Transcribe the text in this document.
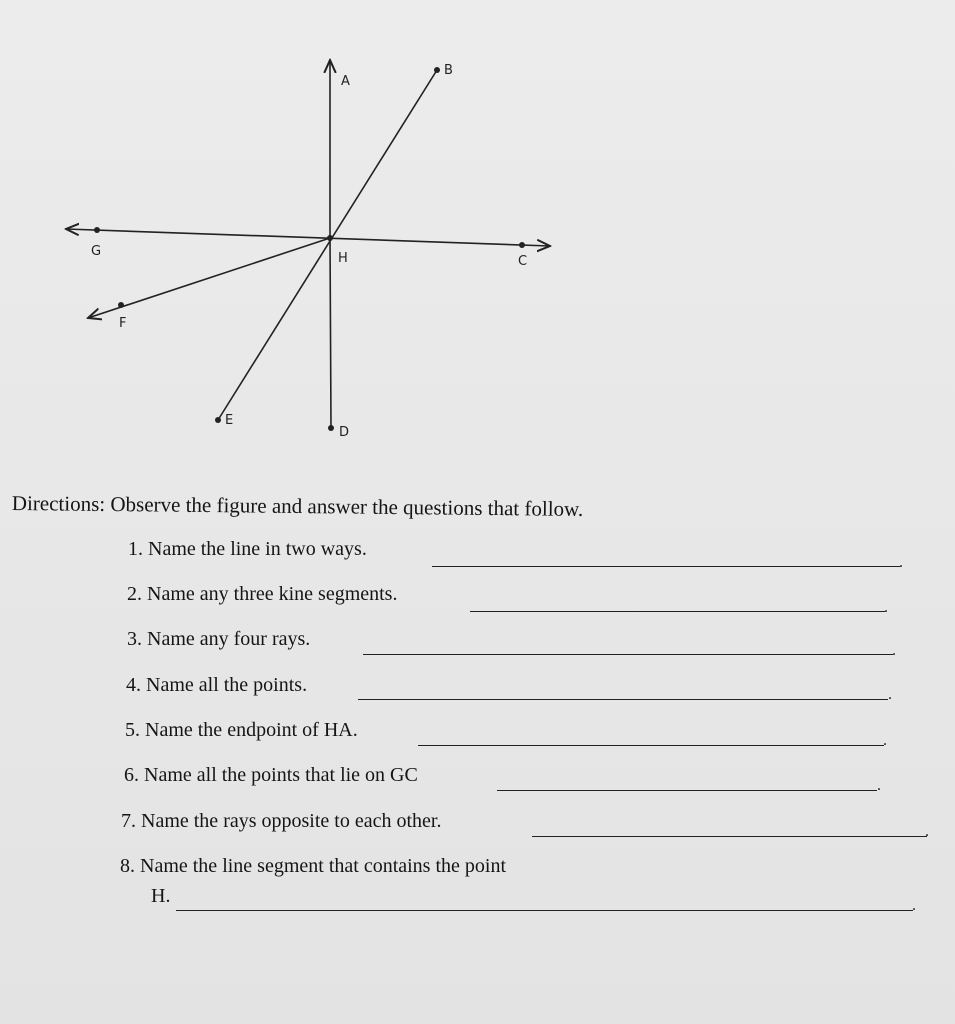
A
B
G	H	C
F
E
D
Directions: Observe the figure and answer the questions that follow.
1. Name the line in two ways.
.
2. Name any three kine segments.
.
3. Name any four rays.
.
4. Name all the points.	.
5. Name the endpoint of HA.	.
6. Name all the points that lie on GC	.
7. Name the rays opposite to each other.	.
8. Name the line segment that contains the point
H.	.
